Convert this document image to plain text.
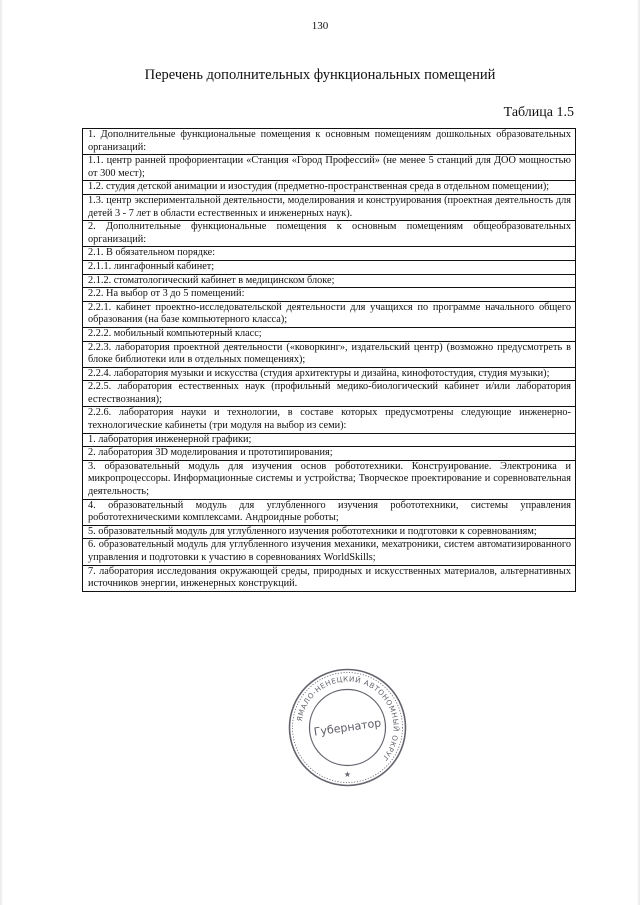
130
Перечень дополнительных функциональных помещений
Таблица 1.5
1. Дополнительные функциональные помещения к основным помещениям дошкольных образовательных организаций:
1.1. центр ранней профориентации «Станция «Город Профессий» (не менее 5 станций для ДОО мощностью от 300 мест);
1.2. студия детской анимации и изостудия (предметно-пространственная среда в отдельном помещении);
1.3. центр экспериментальной деятельности, моделирования и конструирования (проектная деятельность для детей 3 - 7 лет в области естественных и инженерных наук).
2. Дополнительные функциональные помещения к основным помещениям общеобразовательных организаций:
2.1. В обязательном порядке:
2.1.1. лингафонный кабинет;
2.1.2. стоматологический кабинет в медицинском блоке;
2.2. На выбор от 3 до 5 помещений:
2.2.1. кабинет проектно-исследовательской деятельности для учащихся по программе начального общего образования (на базе компьютерного класса);
2.2.2. мобильный компьютерный класс;
2.2.3. лаборатория проектной деятельности («коворкинг», издательский центр) (возможно предусмотреть в блоке библиотеки или в отдельных помещениях);
2.2.4. лаборатория музыки и искусства (студия архитектуры и дизайна, кинофотостудия, студия музыки);
2.2.5. лаборатория естественных наук (профильный медико-биологический кабинет и/или лаборатория естествознания);
2.2.6. лаборатория науки и технологии, в составе которых предусмотрены следующие инженерно-технологические кабинеты (три модуля на выбор из семи):
1. лаборатория инженерной графики;
2. лаборатория 3D моделирования и прототипирования;
3. образовательный модуль для изучения основ робототехники. Конструирование. Электроника и микропроцессоры. Информационные системы и устройства; Творческое проектирование и соревновательная деятельность;
4. образовательный модуль для углубленного изучения робототехники, системы управления робототехническими комплексами. Андроидные роботы;
5. образовательный модуль для углубленного изучения робототехники и подготовки к соревнованиям;
6. образовательный модуль для углубленного изучения механики, мехатроники, систем автоматизированного управления и подготовки к участию в соревнованиях WorldSkills;
7. лаборатория исследования окружающей среды, природных и искусственных материалов, альтернативных источников энергии, инженерных конструкций.
ЯМАЛО-НЕНЕЦКИЙ АВТОНОМНЫЙ ОКРУГ
Губернатор
★
